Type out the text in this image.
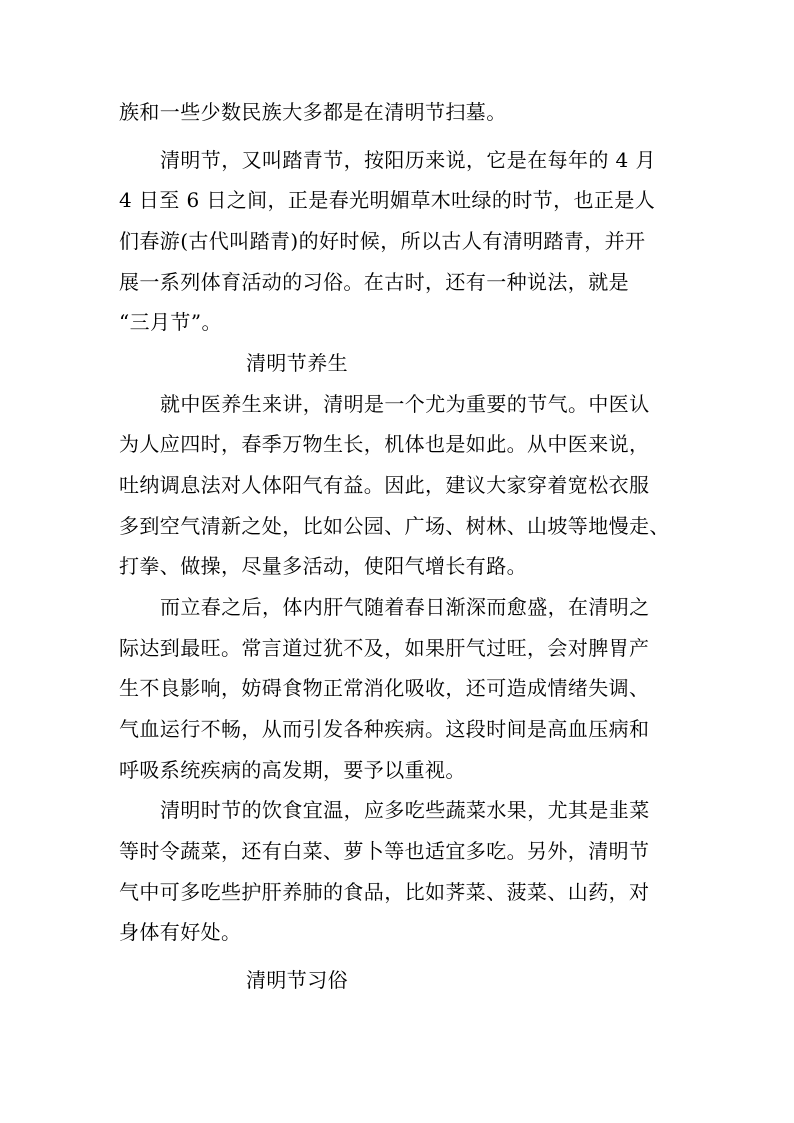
族和一些少数民族大多都是在清明节扫墓。
清明节，又叫踏青节，按阳历来说，它是在每年的 4 月
4 日至 6 日之间，正是春光明媚草木吐绿的时节，也正是人
们春游(古代叫踏青)的好时候，所以古人有清明踏青，并开
展一系列体育活动的习俗。在古时，还有一种说法，就是
“三月节”。
清明节养生
就中医养生来讲，清明是一个尤为重要的节气。中医认
为人应四时，春季万物生长，机体也是如此。从中医来说，
吐纳调息法对人体阳气有益。因此，建议大家穿着宽松衣服
多到空气清新之处，比如公园、广场、树林、山坡等地慢走、
打拳、做操，尽量多活动，使阳气增长有路。
而立春之后，体内肝气随着春日渐深而愈盛，在清明之
际达到最旺。常言道过犹不及，如果肝气过旺，会对脾胃产
生不良影响，妨碍食物正常消化吸收，还可造成情绪失调、
气血运行不畅，从而引发各种疾病。这段时间是高血压病和
呼吸系统疾病的高发期，要予以重视。
清明时节的饮食宜温，应多吃些蔬菜水果，尤其是韭菜
等时令蔬菜，还有白菜、萝卜等也适宜多吃。另外，清明节
气中可多吃些护肝养肺的食品，比如荠菜、菠菜、山药，对
身体有好处。
清明节习俗
